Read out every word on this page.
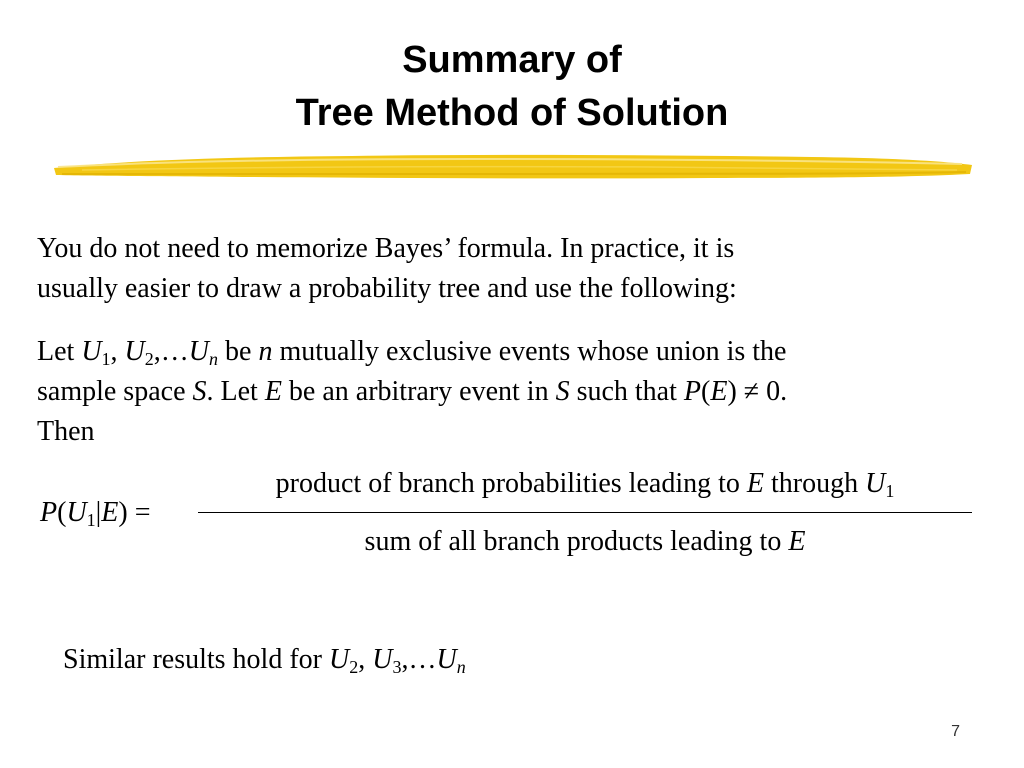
Summary of
Tree Method of Solution
You do not need to memorize Bayes’ formula. In practice, it is
usually easier to draw a probability tree and use the following:
Let $U_1$, $U_2,\dots U_n$ be n mutually exclusive events whose union is the
sample space S. Let E be an arbitrary event in S such that P(E) ≠ 0.
Then
$P(U_1|E)$ =
product of branch probabilities leading to E through $U_1$
sum of all branch products leading to E
Similar results hold for $U_2$, $U_3,\dots U_n$
7
